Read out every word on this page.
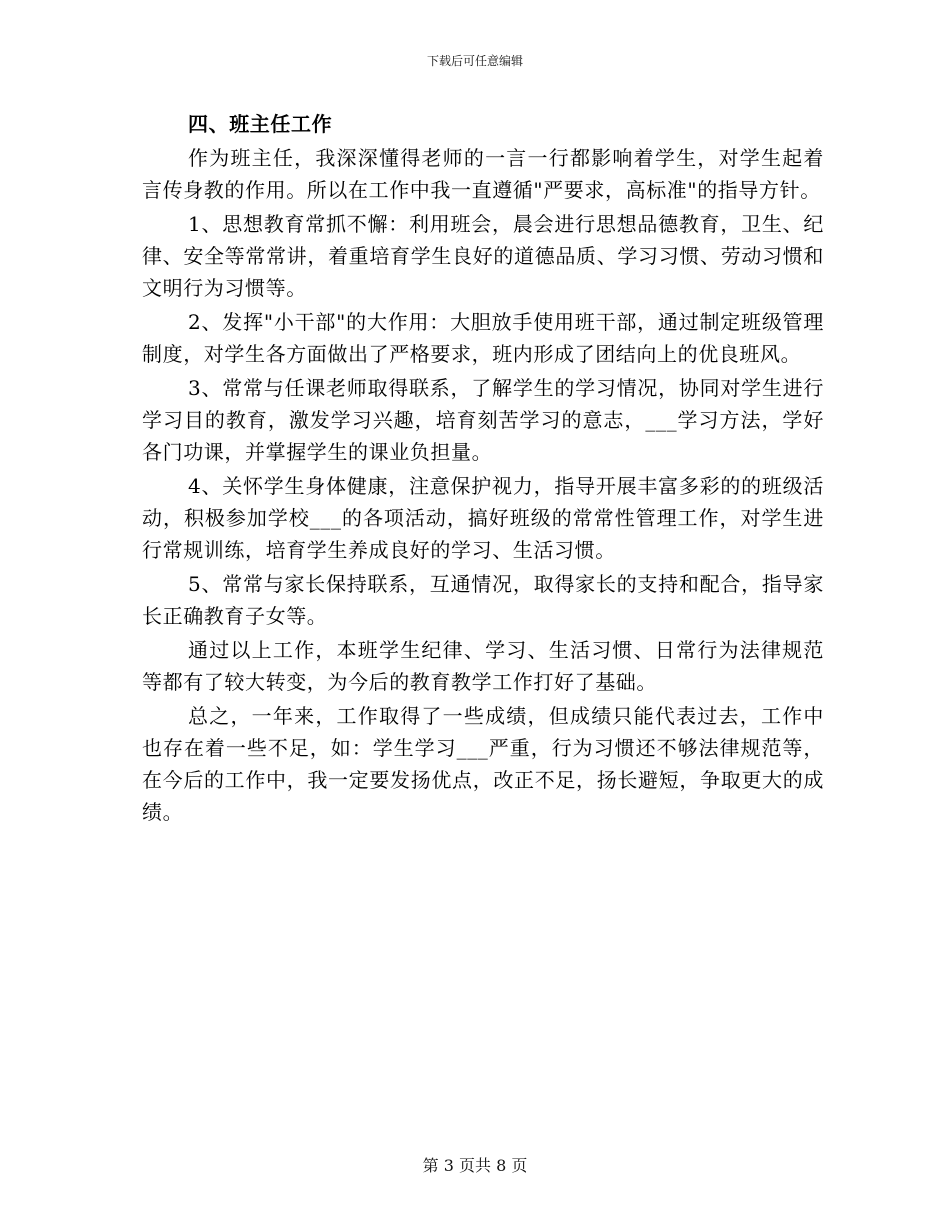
下载后可任意编辑
四、班主任工作

作为班主任，我深深懂得老师的一言一行都影响着学生，对学生起着言传身教的作用。所以在工作中我一直遵循"严要求，高标准"的指导方针。

1、思想教育常抓不懈：利用班会，晨会进行思想品德教育，卫生、纪律、安全等常常讲，着重培育学生良好的道德品质、学习习惯、劳动习惯和文明行为习惯等。

2、发挥"小干部"的大作用：大胆放手使用班干部，通过制定班级管理制度，对学生各方面做出了严格要求，班内形成了团结向上的优良班风。

3、常常与任课老师取得联系，了解学生的学习情况，协同对学生进行学习目的教育，激发学习兴趣，培育刻苦学习的意志，___学习方法，学好各门功课，并掌握学生的课业负担量。

4、关怀学生身体健康，注意保护视力，指导开展丰富多彩的的班级活动，积极参加学校___的各项活动，搞好班级的常常性管理工作，对学生进行常规训练，培育学生养成良好的学习、生活习惯。

5、常常与家长保持联系，互通情况，取得家长的支持和配合，指导家长正确教育子女等。

通过以上工作，本班学生纪律、学习、生活习惯、日常行为法律规范等都有了较大转变，为今后的教育教学工作打好了基础。

总之，一年来，工作取得了一些成绩，但成绩只能代表过去，工作中也存在着一些不足，如：学生学习___严重，行为习惯还不够法律规范等，在今后的工作中，我一定要发扬优点，改正不足，扬长避短，争取更大的成绩。

第 3 页共 8 页
